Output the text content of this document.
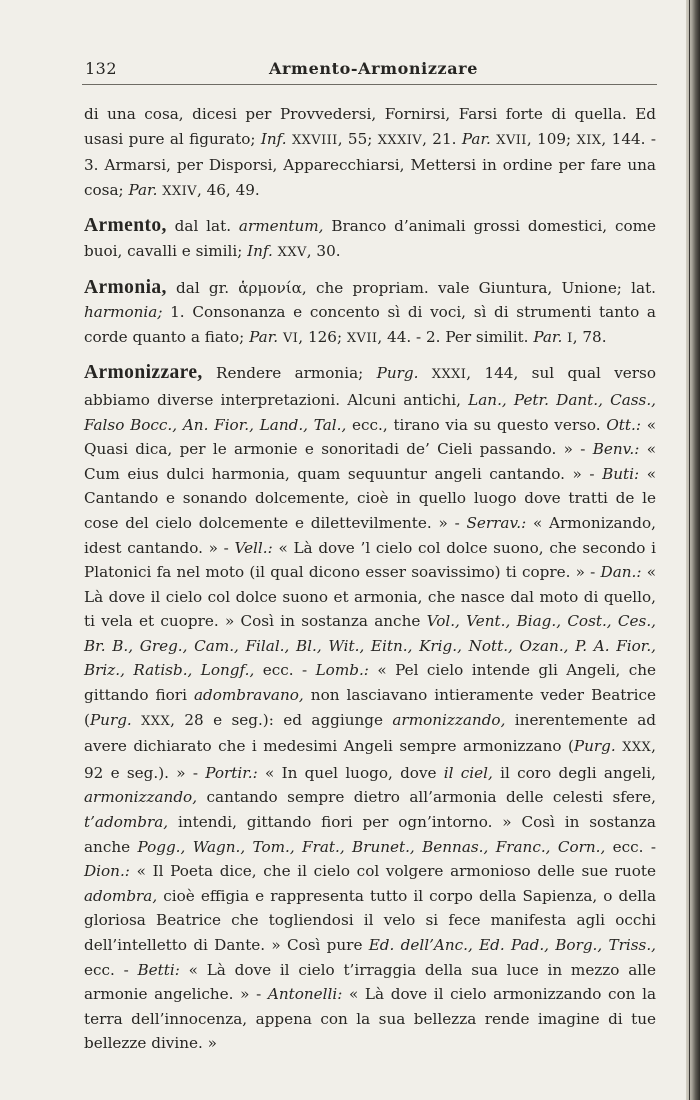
132	Armento-Armonizzare

di una cosa, dicesi per Provvedersi, Fornirsi, Farsi forte di quella. Ed usasi pure al figurato; Inf. XXVIII, 55; XXXIV, 21. Par. XVII, 109; XIX, 144. - 3. Armarsi, per Disporsi, Apparecchiarsi, Mettersi in ordine per fare una cosa; Par. XXIV, 46, 49.

Armento, dal lat. armentum, Branco d’animali grossi domestici, come buoi, cavalli e simili; Inf. XXV, 30.

Armonia, dal gr. ἁρμονία, che propriam. vale Giuntura, Unione; lat. harmonia; 1. Consonanza e concento sì di voci, sì di strumenti tanto a corde quanto a fiato; Par. VI, 126; XVII, 44. - 2. Per similit. Par. I, 78.

Armonizzare, Rendere armonia; Purg. XXXI, 144, sul qual verso abbiamo diverse interpretazioni. Alcuni antichi, Lan., Petr. Dant., Cass., Falso Bocc., An. Fior., Land., Tal., ecc., tirano via su questo verso. Ott.: « Quasi dica, per le armonie e sonoritadi de’ Cieli passando. » - Benv.: « Cum eius dulci harmonia, quam sequuntur angeli cantando. » - Buti: « Cantando e sonando dolcemente, cioè in quello luogo dove tratti de le cose del cielo dolcemente e dilettevilmente. » - Serrav.: « Armonizando, idest cantando. » - Vell.: « Là dove ’l cielo col dolce suono, che secondo i Platonici fa nel moto (il qual dicono esser soavissimo) ti copre. » - Dan.: « Là dove il cielo col dolce suono et armonia, che nasce dal moto di quello, ti vela et cuopre. » Così in sostanza anche Vol., Vent., Biag., Cost., Ces., Br. B., Greg., Cam., Filal., Bl., Wit., Eitn., Krig., Nott., Ozan., P. A. Fior., Briz., Ratisb., Longf., ecc. - Lomb.: « Pel cielo intende gli Angeli, che gittando fiori adombravano, non lasciavano intieramente veder Beatrice (Purg. XXX, 28 e seg.): ed aggiunge armonizzando, inerentemente ad avere dichiarato che i medesimi Angeli sempre armonizzano (Purg. XXX, 92 e seg.). » - Portir.: « In quel luogo, dove il ciel, il coro degli angeli, armonizzando, cantando sempre dietro all’armonia delle celesti sfere, t’adombra, intendi, gittando fiori per ogn’intorno. » Così in sostanza anche Pogg., Wagn., Tom., Frat., Brunet., Bennas., Franc., Corn., ecc. - Dion.: « Il Poeta dice, che il cielo col volgere armonioso delle sue ruote adombra, cioè effigia e rappresenta tutto il corpo della Sapienza, o della gloriosa Beatrice che togliendosi il velo si fece manifesta agli occhi dell’intelletto di Dante. » Così pure Ed. dell’Anc., Ed. Pad., Borg., Triss., ecc. - Betti: « Là dove il cielo t’irraggia della sua luce in mezzo alle armonie angeliche. » - Antonelli: « Là dove il cielo armonizzando con la terra dell’innocenza, appena con la sua bellezza rende imagine di tue bellezze divine. »
